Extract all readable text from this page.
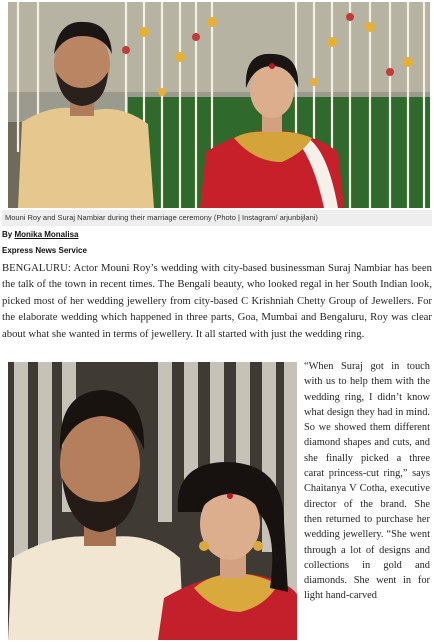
Mouni Roy and Suraj Nambiar during their marriage ceremony (Photo | Instagram/ arjunbijlani)
By Monika Monalisa
Express News Service

BENGALURU: Actor Mouni Roy’s wedding with city-based businessman Suraj Nambiar has been the talk of the town in recent times. The Bengali beauty, who looked regal in her South Indian look, picked most of her wedding jewellery from city-based C Krishniah Chetty Group of Jewellers. For the elaborate wedding which happened in three parts, Goa, Mumbai and Bengaluru, Roy was clear about what she wanted in terms of jewellery. It all started with just the wedding ring.

“When Suraj got in touch with us to help them with the wedding ring, I didn’t know what design they had in mind. So we showed them different diamond shapes and cuts, and she finally picked a three carat princess-cut ring,” says Chaitanya V Cotha, executive director of the brand. She then returned to purchase her wedding jewellery. “She went through a lot of designs and collections in gold and diamonds. She went in for light hand-carved
